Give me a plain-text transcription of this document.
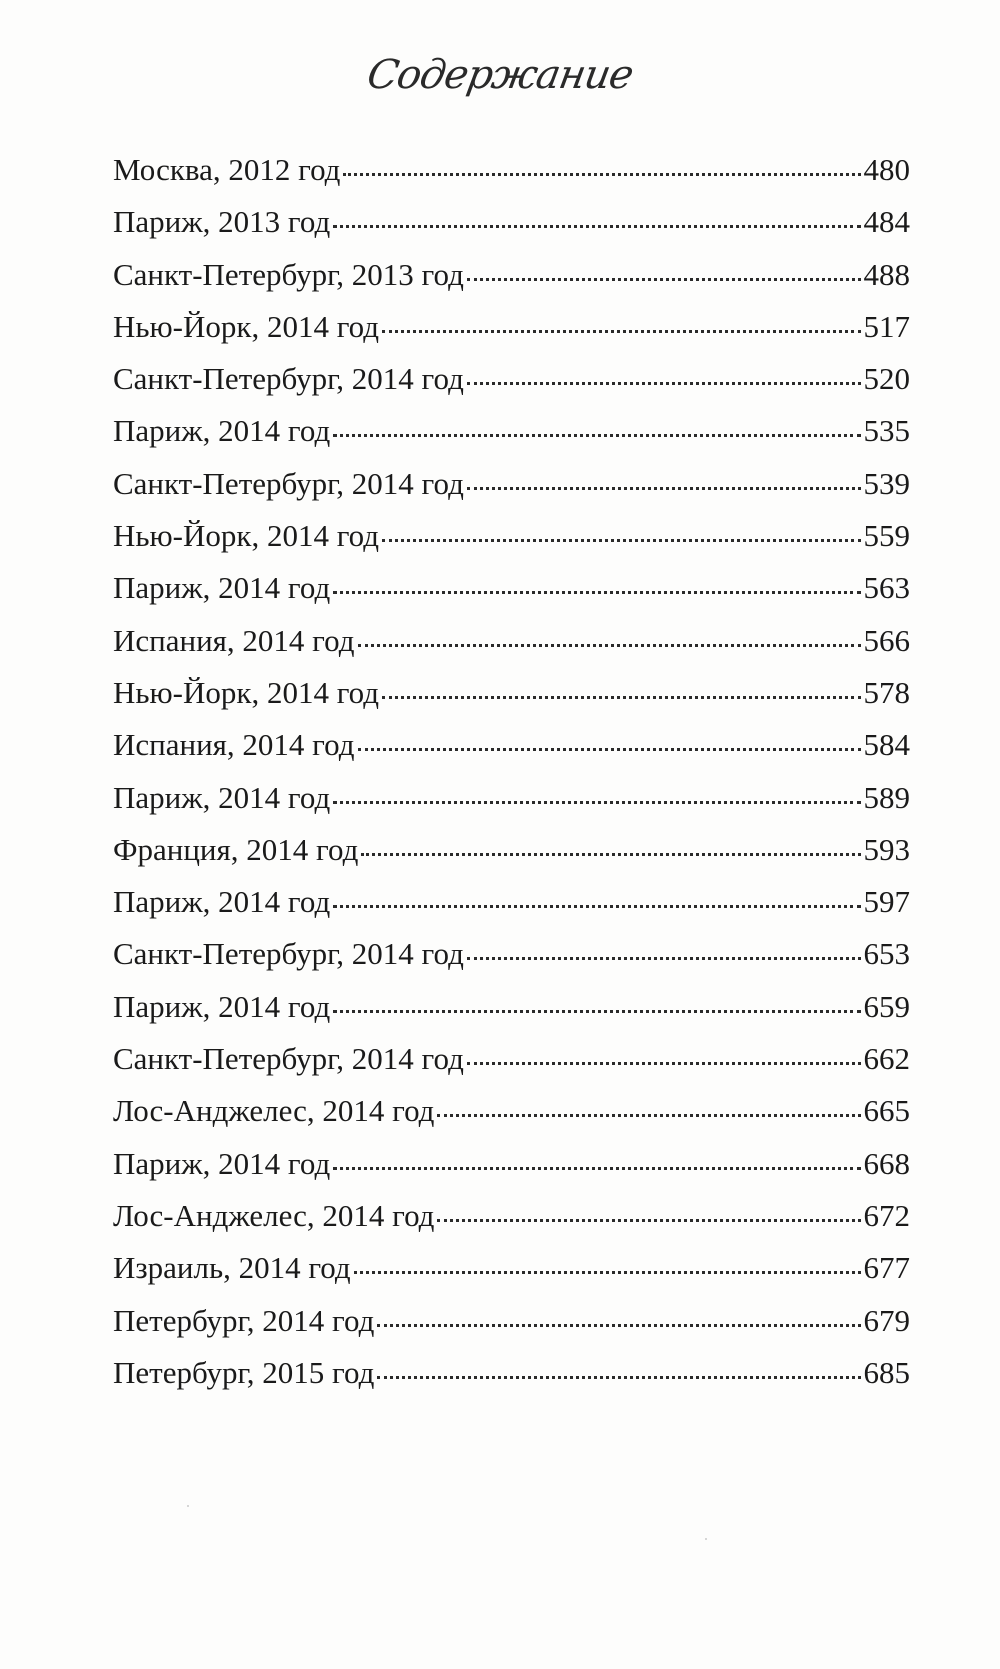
Содержание
Москва, 2012 год	480
Париж, 2013 год	484
Санкт-Петербург, 2013 год	488
Нью-Йорк, 2014 год	517
Санкт-Петербург, 2014 год	520
Париж, 2014 год	535
Санкт-Петербург, 2014 год	539
Нью-Йорк, 2014 год	559
Париж, 2014 год	563
Испания, 2014 год	566
Нью-Йорк, 2014 год	578
Испания, 2014 год	584
Париж, 2014 год	589
Франция, 2014 год	593
Париж, 2014 год	597
Санкт-Петербург, 2014 год	653
Париж, 2014 год	659
Санкт-Петербург, 2014 год	662
Лос-Анджелес, 2014 год	665
Париж, 2014 год	668
Лос-Анджелес, 2014 год	672
Израиль, 2014 год	677
Петербург, 2014 год	679
Петербург, 2015 год	685
